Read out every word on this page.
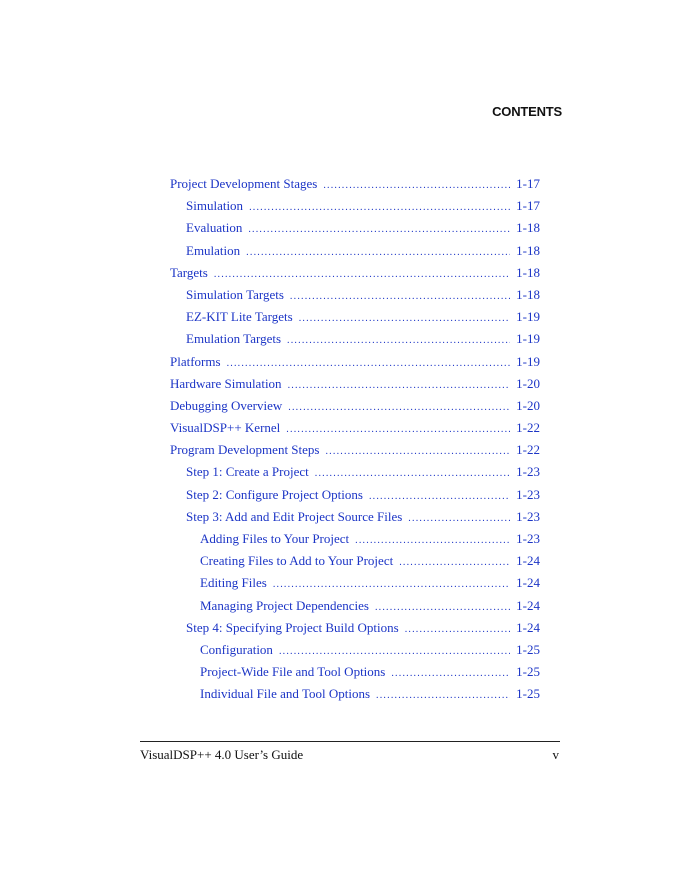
CONTENTS
Project Development Stages .....	1-17
Simulation .....	1-17
Evaluation .....	1-18
Emulation .....	1-18
Targets .....	1-18
Simulation Targets .....	1-18
EZ-KIT Lite Targets .....	1-19
Emulation Targets .....	1-19
Platforms .....	1-19
Hardware Simulation .....	1-20
Debugging Overview .....	1-20
VisualDSP++ Kernel .....	1-22
Program Development Steps .....	1-22
Step 1: Create a Project .....	1-23
Step 2: Configure Project Options .....	1-23
Step 3: Add and Edit Project Source Files .....	1-23
Adding Files to Your Project .....	1-23
Creating Files to Add to Your Project .....	1-24
Editing Files .....	1-24
Managing Project Dependencies .....	1-24
Step 4: Specifying Project Build Options .....	1-24
Configuration .....	1-25
Project-Wide File and Tool Options .....	1-25
Individual File and Tool Options .....	1-25
VisualDSP++ 4.0 User’s Guide	v
